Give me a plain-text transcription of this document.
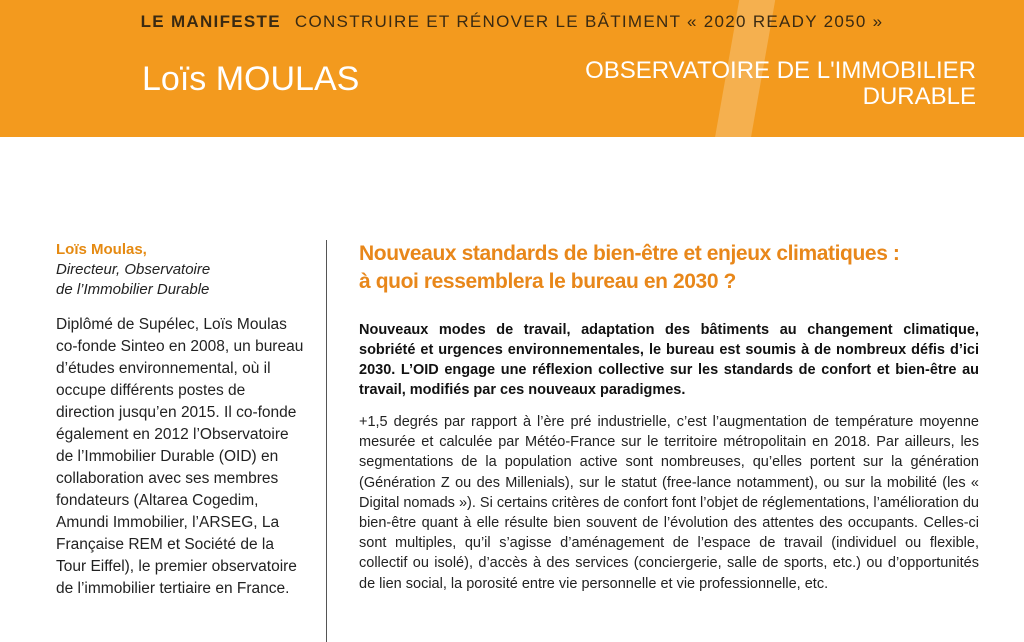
LE MANIFESTE CONSTRUIRE ET RÉNOVER LE BÂTIMENT « 2020 READY 2050 »
Loïs MOULAS	OBSERVATOIRE DE L'IMMOBILIER
DURABLE
Loïs Moulas,
Directeur, Observatoire
de l’Immobilier Durable
Diplômé de Supélec, Loïs Moulas co-fonde Sinteo en 2008, un bureau d’études environnemental, où il occupe différents postes de direction jusqu’en 2015. Il co-fonde également en 2012 l’Observatoire de l’Immobilier Durable (OID) en collaboration avec ses membres fondateurs (Altarea Cogedim, Amundi Immobilier, l’ARSEG, La Française REM et Société de la Tour Eiffel), le premier observatoire de l’immobilier tertiaire en France.
Nouveaux standards de bien-être et enjeux climatiques :
à quoi ressemblera le bureau en 2030 ?
Nouveaux modes de travail, adaptation des bâtiments au changement climatique, sobriété et urgences environnementales, le bureau est soumis à de nombreux défis d’ici 2030. L’OID engage une réflexion collective sur les standards de confort et bien-être au travail, modifiés par ces nouveaux paradigmes.
+1,5 degrés par rapport à l’ère pré industrielle, c’est l’augmentation de température moyenne mesurée et calculée par Météo-France sur le territoire métropolitain en 2018. Par ailleurs, les segmentations de la population active sont nombreuses, qu’elles portent sur la génération (Génération Z ou des Millenials), sur le statut (free-lance notamment), ou sur la mobilité (les « Digital nomads »). Si certains critères de confort font l’objet de réglementations, l’amélioration du bien-être quant à elle résulte bien souvent de l’évolution des attentes des occupants. Celles-ci sont multiples, qu’il s’agisse d’aménagement de l’espace de travail (individuel ou flexible, collectif ou isolé), d’accès à des services (conciergerie, salle de sports, etc.) ou d’opportunités de lien social, la porosité entre vie personnelle et vie professionnelle, etc.
